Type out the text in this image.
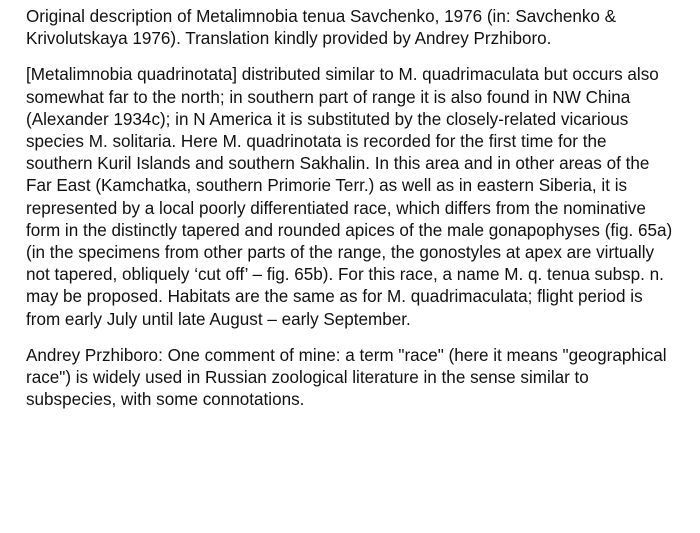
Original description of Metalimnobia tenua Savchenko, 1976 (in: Savchenko & Krivolutskaya 1976). Translation kindly provided by Andrey Przhiboro.

[Metalimnobia quadrinotata] distributed similar to M. quadrimaculata but occurs also somewhat far to the north; in southern part of range it is also found in NW China (Alexander 1934c); in N America it is substituted by the closely-related vicarious species M. solitaria. Here M. quadrinotata is recorded for the first time for the southern Kuril Islands and southern Sakhalin. In this area and in other areas of the Far East (Kamchatka, southern Primorie Terr.) as well as in eastern Siberia, it is represented by a local poorly differentiated race, which differs from the nominative form in the distinctly tapered and rounded apices of the male gonapophyses (fig. 65a) (in the specimens from other parts of the range, the gonostyles at apex are virtually not tapered, obliquely ‘cut off’ – fig. 65b). For this race, a name M. q. tenua subsp. n. may be proposed. Habitats are the same as for M. quadrimaculata; flight period is from early July until late August – early September.

Andrey Przhiboro: One comment of mine: a term "race" (here it means "geographical race") is widely used in Russian zoological literature in the sense similar to subspecies, with some connotations.
